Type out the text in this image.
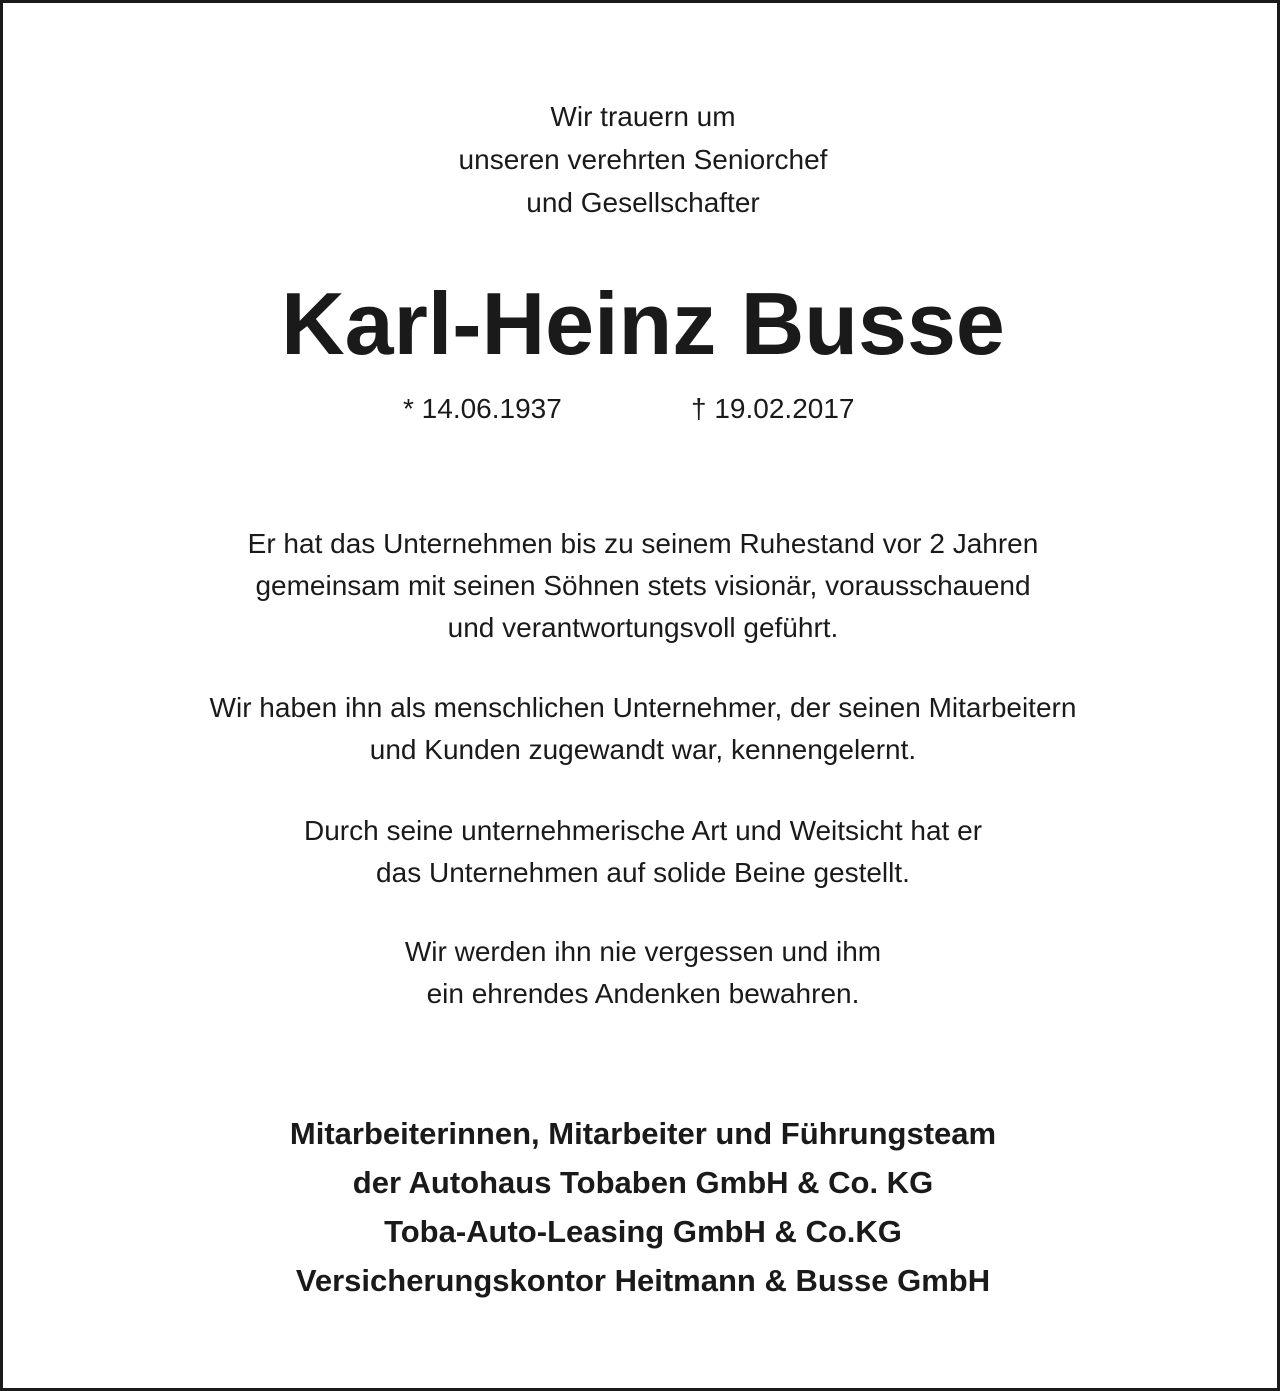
Wir trauern um
unseren verehrten Seniorchef
und Gesellschafter
Karl-Heinz Busse
* 14.06.1937	† 19.02.2017
Er hat das Unternehmen bis zu seinem Ruhestand vor 2 Jahren
gemeinsam mit seinen Söhnen stets visionär, vorausschauend
und verantwortungsvoll geführt.
Wir haben ihn als menschlichen Unternehmer, der seinen Mitarbeitern
und Kunden zugewandt war, kennengelernt.
Durch seine unternehmerische Art und Weitsicht hat er
das Unternehmen auf solide Beine gestellt.
Wir werden ihn nie vergessen und ihm
ein ehrendes Andenken bewahren.
Mitarbeiterinnen, Mitarbeiter und Führungsteam
der Autohaus Tobaben GmbH & Co. KG
Toba-Auto-Leasing GmbH & Co.KG
Versicherungskontor Heitmann & Busse GmbH
